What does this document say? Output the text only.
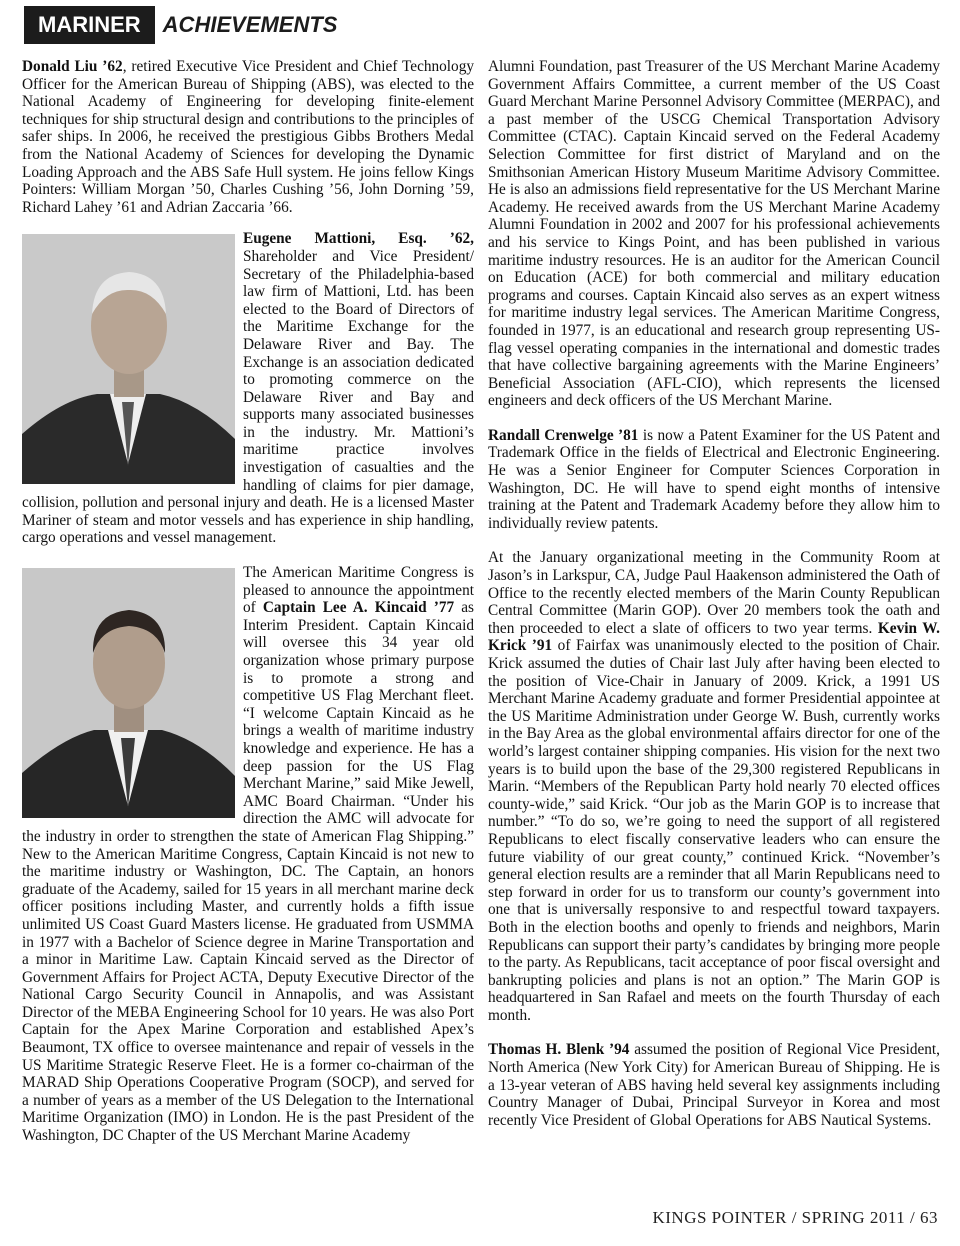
MARINER	ACHIEVEMENTS

Donald Liu ’62, retired Executive Vice President and Chief Technology Officer for the American Bureau of Shipping (ABS), was elected to the National Academy of Engineering for developing finite-element techniques for ship structural design and contributions to the principles of safer ships. In 2006, he received the prestigious Gibbs Brothers Medal from the National Academy of Sciences for developing the Dynamic Loading Approach and the ABS Safe Hull system. He joins fellow Kings Pointers: William Morgan ’50, Charles Cushing ’56, John Dorning ’59, Richard Lahey ’61 and Adrian Zaccaria ’66.

Eugene Mattioni, Esq. ’62, Shareholder and Vice President/ Secretary of the Philadelphia-based law firm of Mattioni, Ltd. has been elected to the Board of Directors of the Maritime Exchange for the Delaware River and Bay. The Exchange is an association dedicated to promoting commerce on the Delaware River and Bay and supports many associated businesses in the industry. Mr. Mattioni’s maritime practice involves investigation of casualties and the handling of claims for pier damage, collision, pollution and personal injury and death. He is a licensed Master Mariner of steam and motor vessels and has experience in ship handling, cargo operations and vessel management.

The American Maritime Congress is pleased to announce the appointment of Captain Lee A. Kincaid ’77 as Interim President. Captain Kincaid will oversee this 34 year old organization whose primary purpose is to promote a strong and competitive US Flag Merchant fleet. “I welcome Captain Kincaid as he brings a wealth of maritime industry knowledge and experience. He has a deep passion for the US Flag Merchant Marine,” said Mike Jewell, AMC Board Chairman. “Under his direction the AMC will advocate for the industry in order to strengthen the state of American Flag Shipping.” New to the American Maritime Congress, Captain Kincaid is not new to the maritime industry or Washington, DC. The Captain, an honors graduate of the Academy, sailed for 15 years in all merchant marine deck officer positions including Master, and currently holds a fifth issue unlimited US Coast Guard Masters license. He graduated from USMMA in 1977 with a Bachelor of Science degree in Marine Transportation and a minor in Maritime Law. Captain Kincaid served as the Director of Government Affairs for Project ACTA, Deputy Executive Director of the National Cargo Security Council in Annapolis, and was Assistant Director of the MEBA Engineering School for 10 years. He was also Port Captain for the Apex Marine Corporation and established Apex’s Beaumont, TX office to oversee maintenance and repair of vessels in the US Maritime Strategic Reserve Fleet. He is a former co-chairman of the MARAD Ship Operations Cooperative Program (SOCP), and served for a number of years as a member of the US Delegation to the International Maritime Organization (IMO) in London. He is the past President of the Washington, DC Chapter of the US Merchant Marine Academy

Alumni Foundation, past Treasurer of the US Merchant Marine Academy Government Affairs Committee, a current member of the US Coast Guard Merchant Marine Personnel Advisory Committee (MERPAC), and a past member of the USCG Chemical Transportation Advisory Committee (CTAC). Captain Kincaid served on the Federal Academy Selection Committee for first district of Maryland and on the Smithsonian American History Museum Maritime Advisory Committee. He is also an admissions field representative for the US Merchant Marine Academy. He received awards from the US Merchant Marine Academy Alumni Foundation in 2002 and 2007 for his professional achievements and his service to Kings Point, and has been published in various maritime industry resources. He is an auditor for the American Council on Education (ACE) for both commercial and military education programs and courses. Captain Kincaid also serves as an expert witness for maritime industry legal services. The American Maritime Congress, founded in 1977, is an educational and research group representing US-flag vessel operating companies in the international and domestic trades that have collective bargaining agreements with the Marine Engineers’ Beneficial Association (AFL-CIO), which represents the licensed engineers and deck officers of the US Merchant Marine.

Randall Crenwelge ’81 is now a Patent Examiner for the US Patent and Trademark Office in the fields of Electrical and Electronic Engineering. He was a Senior Engineer for Computer Sciences Corporation in Washington, DC. He will have to spend eight months of intensive training at the Patent and Trademark Academy before they allow him to individually review patents.

At the January organizational meeting in the Community Room at Jason’s in Larkspur, CA, Judge Paul Haakenson administered the Oath of Office to the recently elected members of the Marin County Republican Central Committee (Marin GOP). Over 20 members took the oath and then proceeded to elect a slate of officers to two year terms. Kevin W. Krick ’91 of Fairfax was unanimously elected to the position of Chair. Krick assumed the duties of Chair last July after having been elected to the position of Vice-Chair in January of 2009. Krick, a 1991 US Merchant Marine Academy graduate and former Presidential appointee at the US Maritime Administration under George W. Bush, currently works in the Bay Area as the global environmental affairs director for one of the world’s largest container shipping companies. His vision for the next two years is to build upon the base of the 29,300 registered Republicans in Marin. “Members of the Republican Party hold nearly 70 elected offices county-wide,” said Krick. “Our job as the Marin GOP is to increase that number.” “To do so, we’re going to need the support of all registered Republicans to elect fiscally conservative leaders who can ensure the future viability of our great county,” continued Krick. “November’s general election results are a reminder that all Marin Republicans need to step forward in order for us to transform our county’s government into one that is universally responsive to and respectful toward taxpayers. Both in the election booths and openly to friends and neighbors, Marin Republicans can support their party’s candidates by bringing more people to the party. As Republicans, tacit acceptance of poor fiscal oversight and bankrupting policies and plans is not an option.” The Marin GOP is headquartered in San Rafael and meets on the fourth Thursday of each month.

Thomas H. Blenk ’94 assumed the position of Regional Vice President, North America (New York City) for American Bureau of Shipping. He is a 13-year veteran of ABS having held several key assignments including Country Manager of Dubai, Principal Surveyor in Korea and most recently Vice President of Global Operations for ABS Nautical Systems.

KINGS POINTER / SPRING 2011 / 63
